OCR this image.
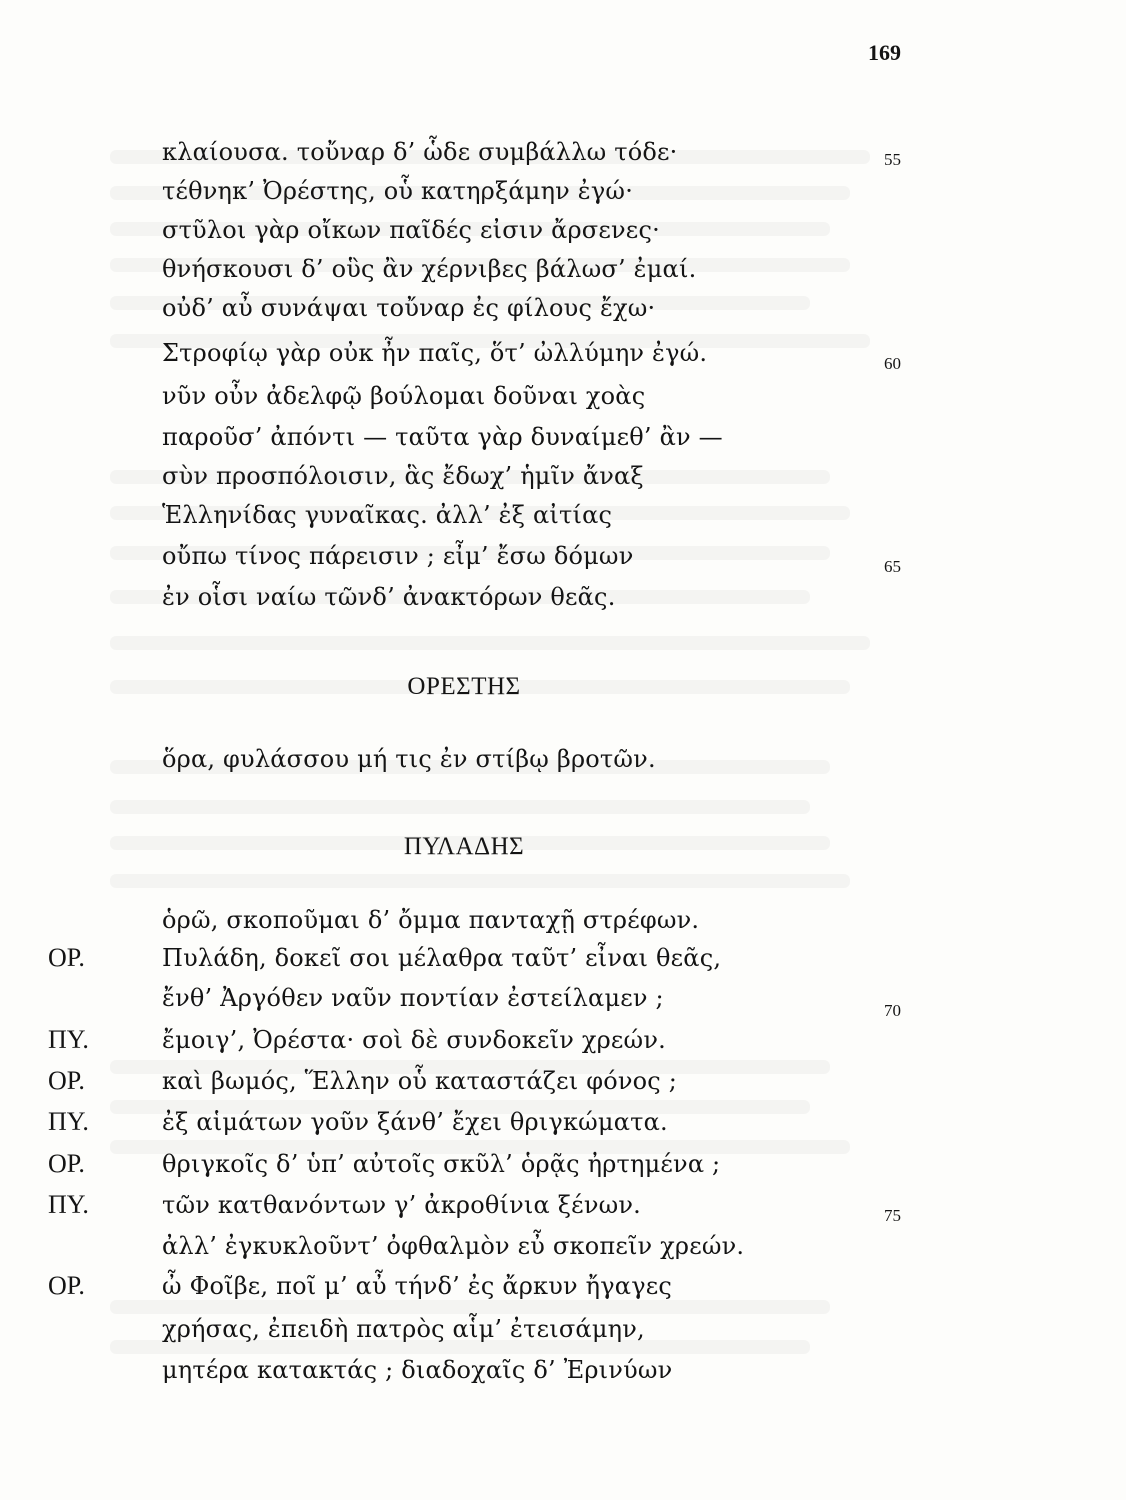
169
κλαίουσα. τοὔναρ δ’ ὧδε συμβάλλω τόδε·	55
τέθνηκ’ Ὀρέστης, οὗ κατηρξάμην ἐγώ·
στῦλοι γὰρ οἴκων παῖδές εἰσιν ἄρσενες·
θνήσκουσι δ’ οὓς ἂν χέρνιβες βάλωσ’ ἐμαί.
οὐδ’ αὖ συνάψαι τοὔναρ ἐς φίλους ἔχω·
Στροφίῳ γὰρ οὐκ ἦν παῖς, ὅτ’ ὠλλύμην ἐγώ.	60
νῦν οὖν ἀδελφῷ βούλομαι δοῦναι χοὰς
παροῦσ’ ἀπόντι — ταῦτα γὰρ δυναίμεθ’ ἂν —
σὺν προσπόλοισιν, ἃς ἔδωχ’ ἡμῖν ἄναξ
Ἑλληνίδας γυναῖκας. ἀλλ’ ἐξ αἰτίας
οὔπω τίνος πάρεισιν ; εἶμ’ ἔσω δόμων	65
ἐν οἷσι ναίω τῶνδ’ ἀνακτόρων θεᾶς.
ΟΡΕΣΤΗΣ
ὅρα, φυλάσσου μή τις ἐν στίβῳ βροτῶν.
ΠΥΛΑΔΗΣ
ὁρῶ, σκοποῦμαι δ’ ὄμμα πανταχῇ στρέφων.
ΟΡ.	Πυλάδη, δοκεῖ σοι μέλαθρα ταῦτ’ εἶναι θεᾶς,
ἔνθ’ Ἀργόθεν ναῦν ποντίαν ἐστείλαμεν ;	70
ΠΥ.	ἔμοιγ’, Ὀρέστα· σοὶ δὲ συνδοκεῖν χρεών.
ΟΡ.	καὶ βωμός, Ἕλλην οὗ καταστάζει φόνος ;
ΠΥ.	ἐξ αἱμάτων γοῦν ξάνθ’ ἔχει θριγκώματα.
ΟΡ.	θριγκοῖς δ’ ὑπ’ αὐτοῖς σκῦλ’ ὁρᾷς ἠρτημένα ;
ΠΥ.	τῶν κατθανόντων γ’ ἀκροθίνια ξένων.	75
ἀλλ’ ἐγκυκλοῦντ’ ὀφθαλμὸν εὖ σκοπεῖν χρεών.
ΟΡ.	ὦ Φοῖβε, ποῖ μ’ αὖ τήνδ’ ἐς ἄρκυν ἤγαγες
χρήσας, ἐπειδὴ πατρὸς αἷμ’ ἐτεισάμην,
μητέρα κατακτάς ; διαδοχαῖς δ’ Ἐρινύων
